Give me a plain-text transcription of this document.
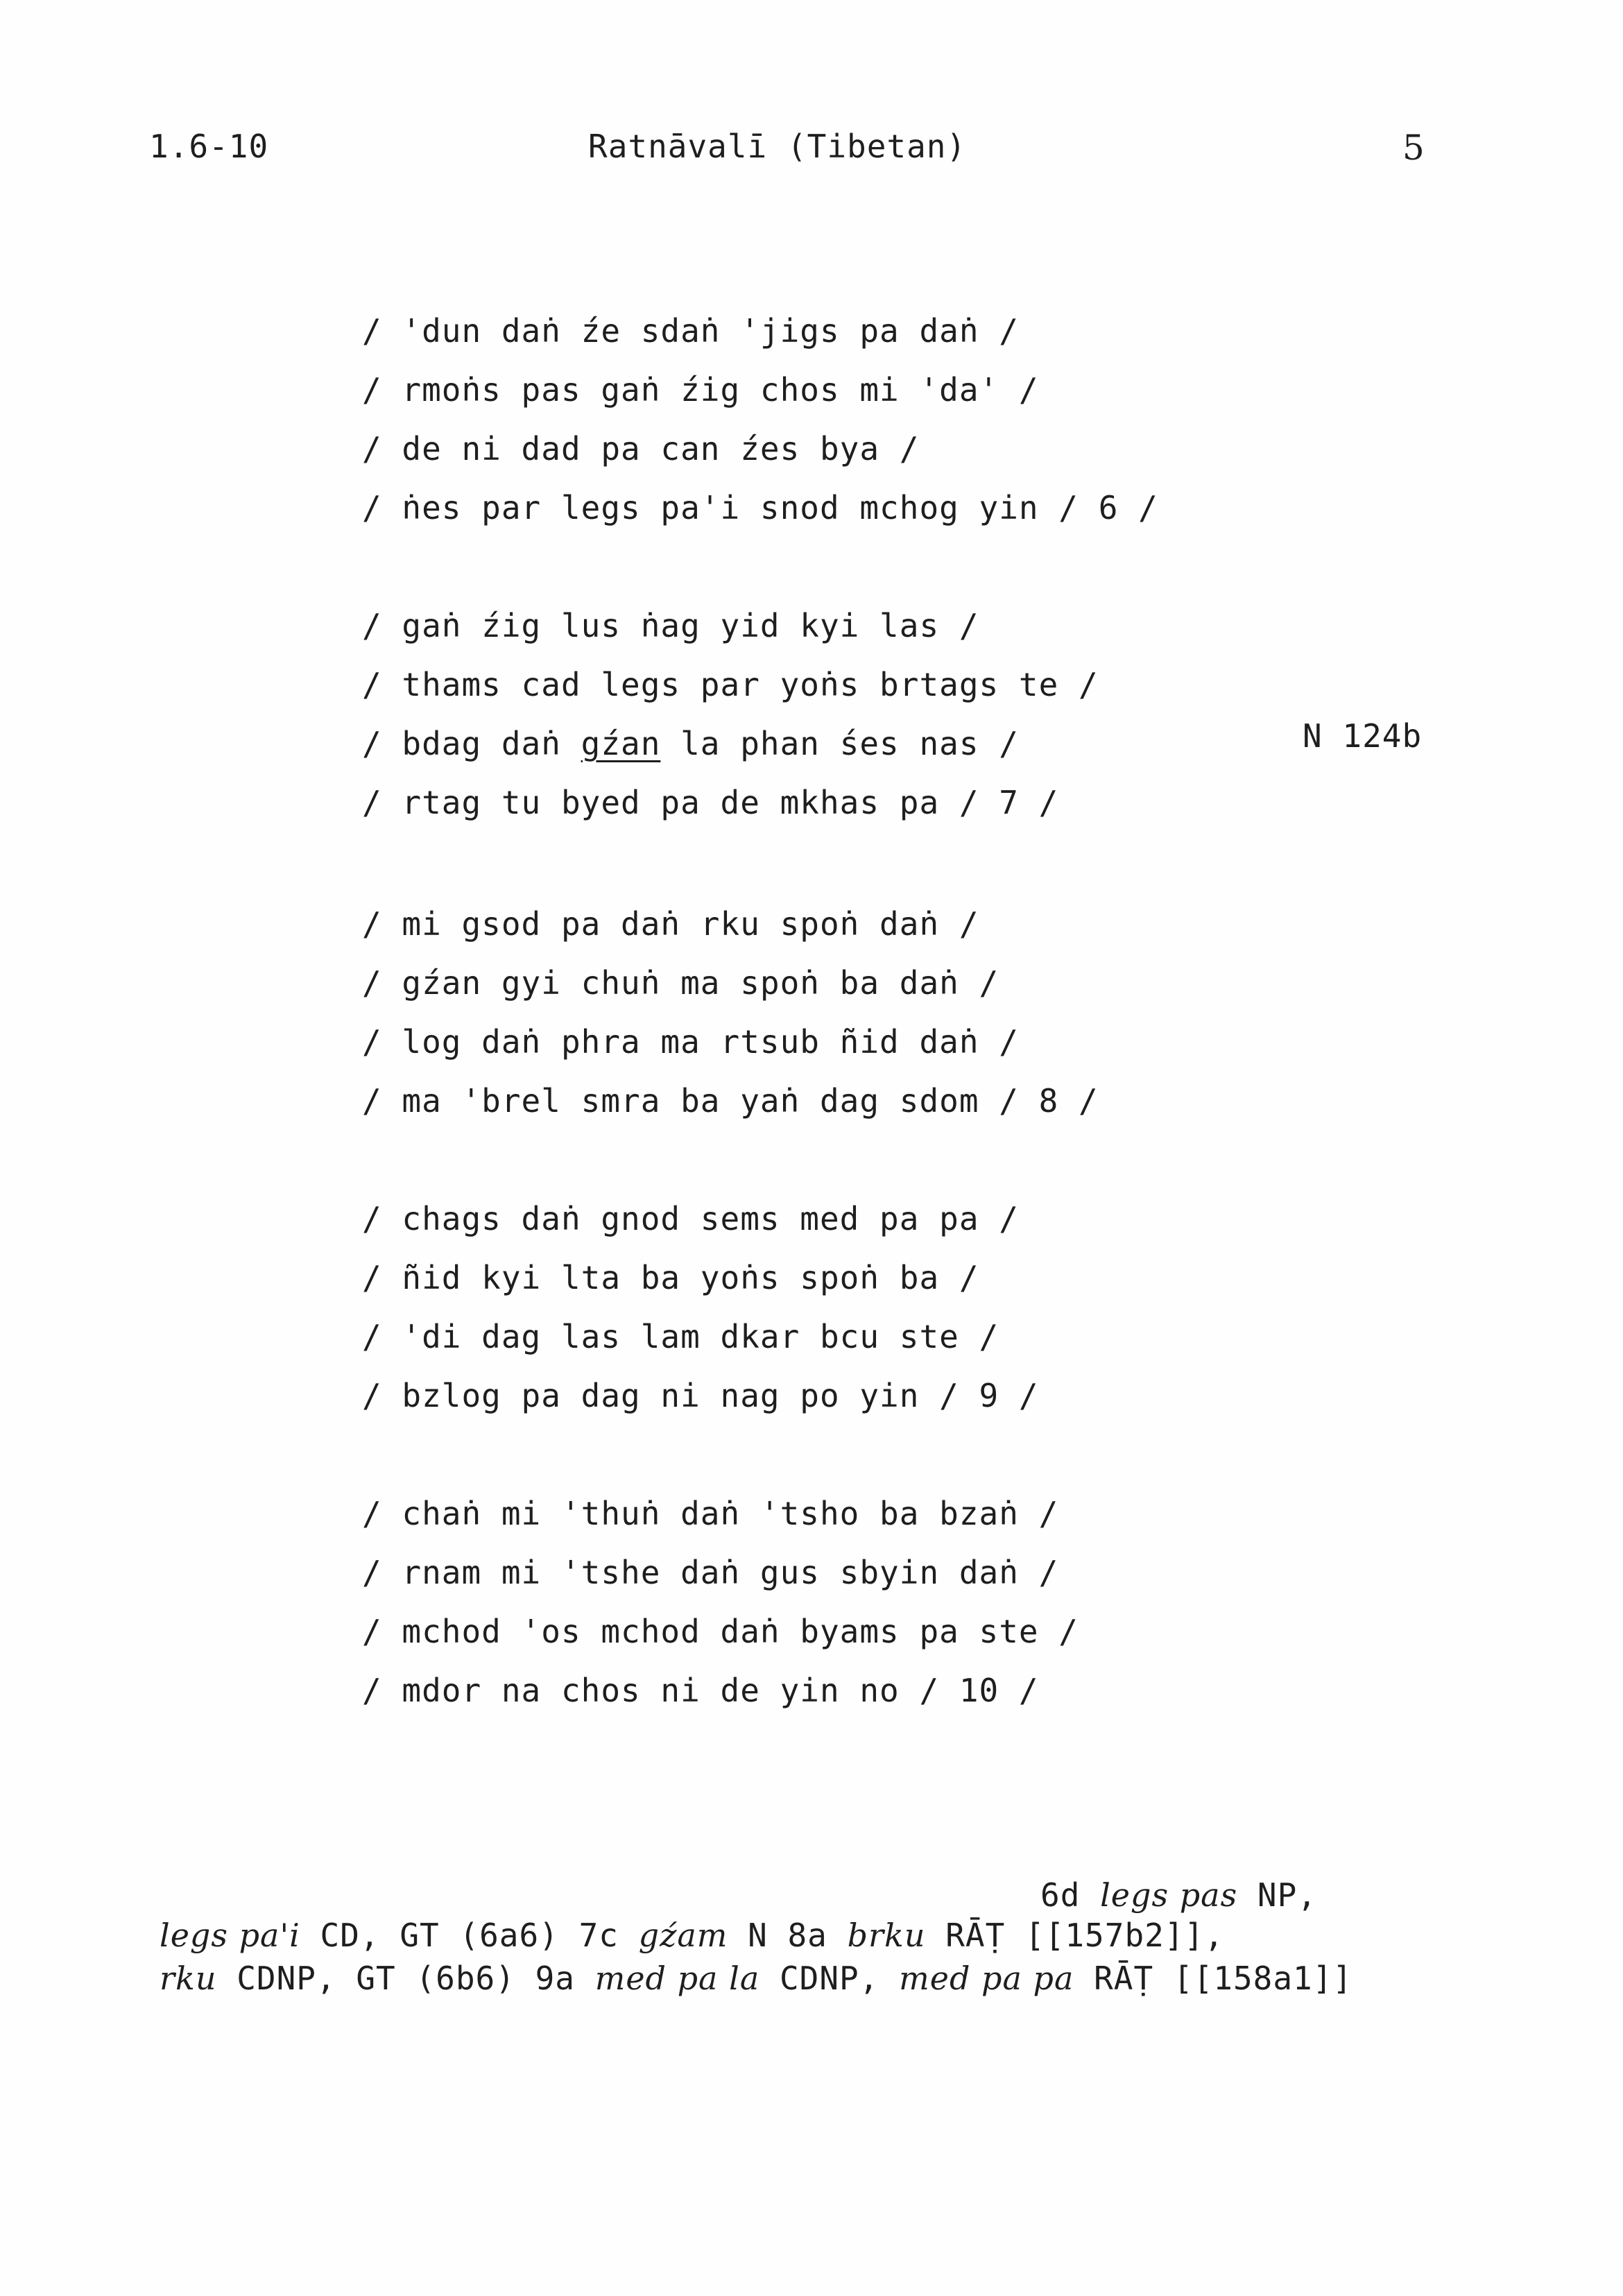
1.6-10	Ratnāvalī (Tibetan)	5
/ 'dun daṅ źe sdaṅ 'jigs pa daṅ /
/ rmoṅs pas gaṅ źig chos mi 'da' /
/ de ni dad pa can źes bya /
/ ṅes par legs pa'i snod mchog yin / 6 /
/ gaṅ źig lus ṅag yid kyi las /
/ thams cad legs par yoṅs brtags te /
/ bdag daṅ gźan la phan śes nas /
/ rtag tu byed pa de mkhas pa / 7 /
N 124b
/ mi gsod pa daṅ rku spoṅ daṅ /
/ gźan gyi chuṅ ma spoṅ ba daṅ /
/ log daṅ phra ma rtsub ñid daṅ /
/ ma 'brel smra ba yaṅ dag sdom / 8 /
/ chags daṅ gnod sems med pa pa /
/ ñid kyi lta ba yoṅs spoṅ ba /
/ 'di dag las lam dkar bcu ste /
/ bzlog pa dag ni nag po yin / 9 /
/ chaṅ mi 'thuṅ daṅ 'tsho ba bzaṅ /
/ rnam mi 'tshe daṅ gus sbyin daṅ /
/ mchod 'os mchod daṅ byams pa ste /
/ mdor na chos ni de yin no / 10 /
6d legs pas NP,
legs pa'i CD, GT (6a6) 7c gźam N 8a brku RĀṬ [[157b2]],
rku CDNP, GT (6b6) 9a med pa la CDNP, med pa pa RĀṬ [[158a1]]
